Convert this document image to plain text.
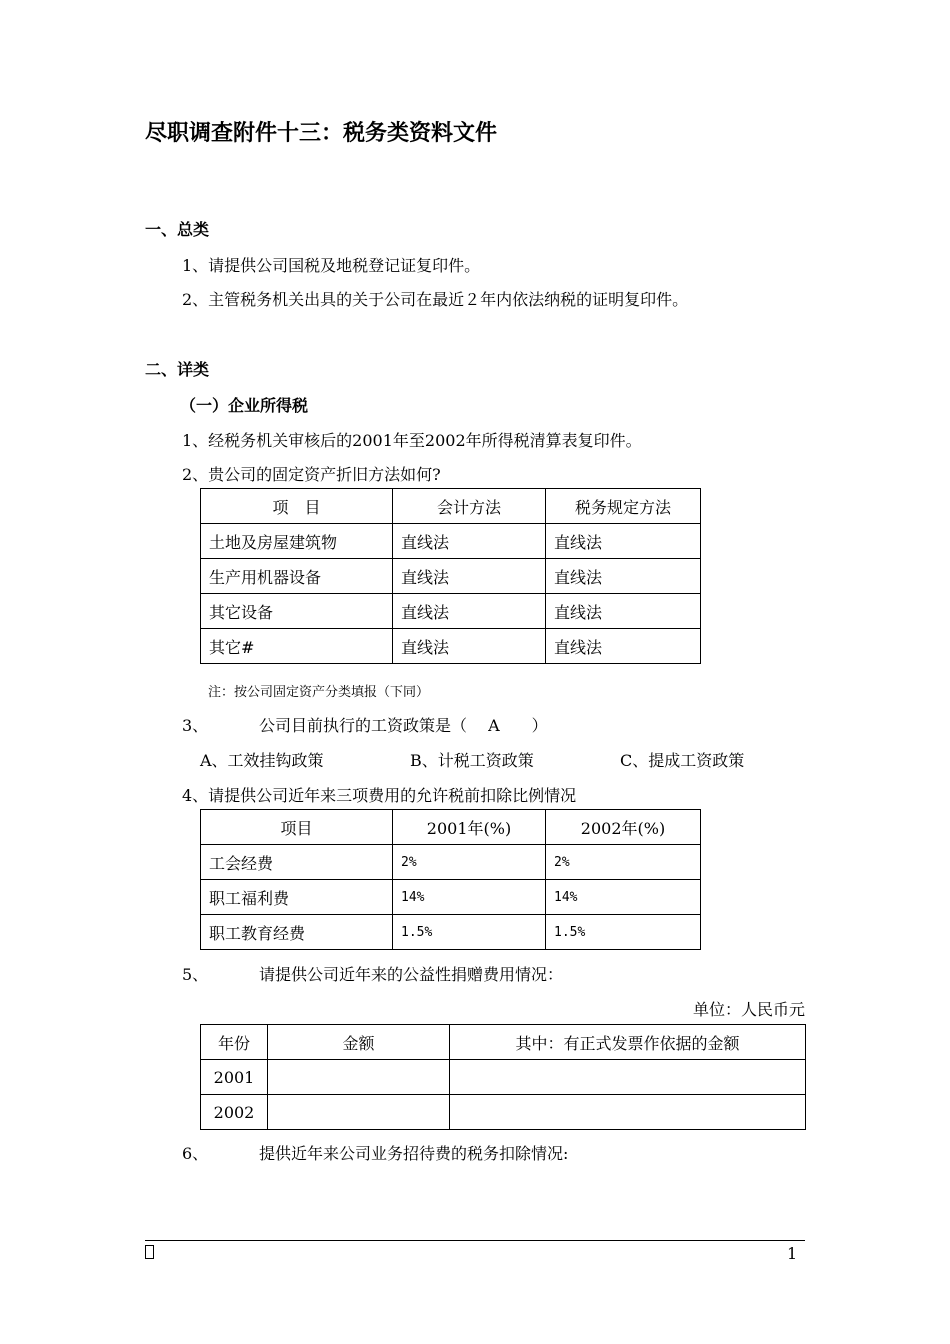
尽职调查附件十三：税务类资料文件
一、总类
1、请提供公司国税及地税登记证复印件。
2、主管税务机关出具的关于公司在最近２年内依法纳税的证明复印件。
二、详类
（一）企业所得税
1、经税务机关审核后的2001年至2002年所得税清算表复印件。
2、贵公司的固定资产折旧方法如何?
项　目	会计方法	税务规定方法
土地及房屋建筑物	直线法	直线法
生产用机器设备	直线法	直线法
其它设备	直线法	直线法
其它#	直线法	直线法
注：按公司固定资产分类填报（下同）
3、	公司目前执行的工资政策是（　 A　　）
A、工效挂钩政策	B、计税工资政策	C、提成工资政策
4、请提供公司近年来三项费用的允许税前扣除比例情况
项目	2001年(%)	2002年(%)
工会经费	2%	2%
职工福利费	14%	14%
职工教育经费	1.5%	1.5%
5、	请提供公司近年来的公益性捐赠费用情况：
单位：人民币元
年份	金额	其中：有正式发票作依据的金额
2001		
2002		
6、	提供近年来公司业务招待费的税务扣除情况:
1
